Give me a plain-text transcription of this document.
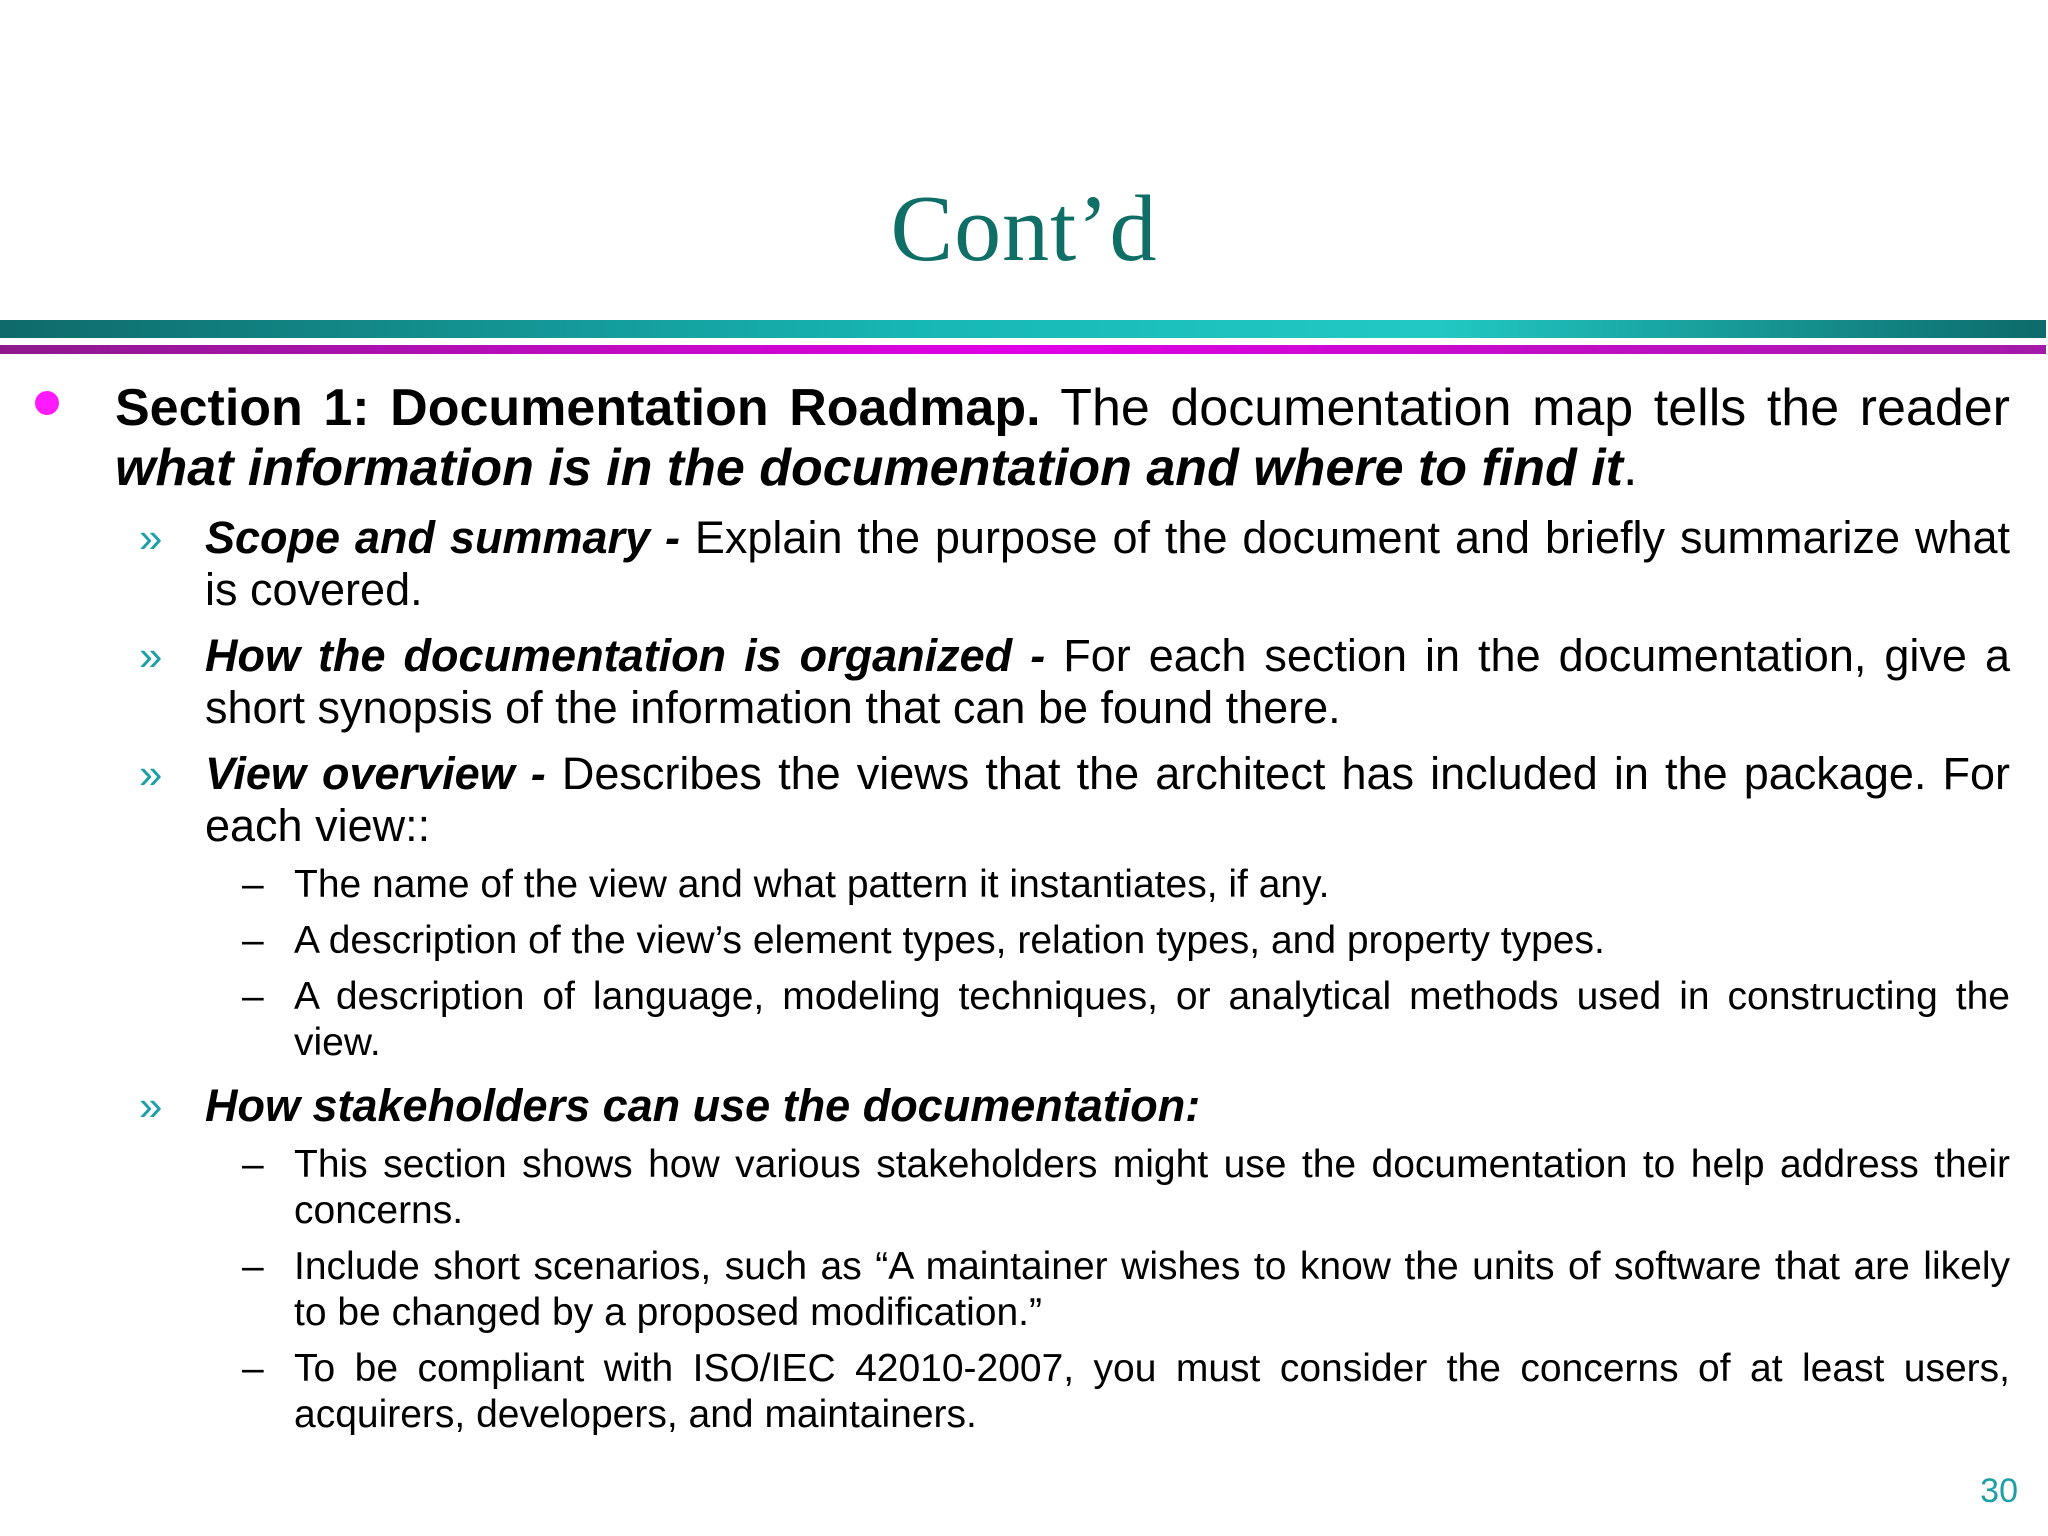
Cont’d
Section 1: Documentation Roadmap. The documentation map tells the reader what information is in the documentation and where to find it.
» Scope and summary - Explain the purpose of the document and briefly summarize what is covered.
» How the documentation is organized - For each section in the documentation, give a short synopsis of the information that can be found there.
» View overview - Describes the views that the architect has included in the package. For each view::
– The name of the view and what pattern it instantiates, if any.
– A description of the view’s element types, relation types, and property types.
– A description of language, modeling techniques, or analytical methods used in constructing the view.
» How stakeholders can use the documentation:
– This section shows how various stakeholders might use the documentation to help address their concerns.
– Include short scenarios, such as “A maintainer wishes to know the units of software that are likely to be changed by a proposed modification.”
– To be compliant with ISO/IEC 42010-2007, you must consider the concerns of at least users, acquirers, developers, and maintainers.
30
